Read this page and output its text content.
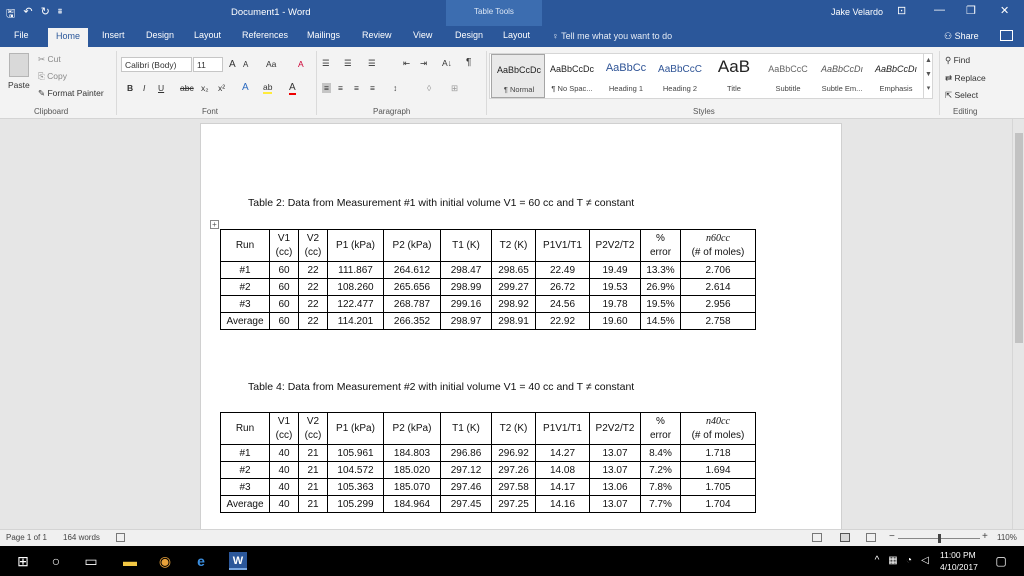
🖫 ↶ ↻ ⩩	Document1 - Word	Table Tools	Jake Velardo ⊡	— ❐ ✕
File	Home	Insert Design Layout References Mailings Review View	Design Layout ♀ Tell me what you want to do	⚇ Share
Paste
✂ Cut
⎘ Copy
✎ Format Painter
Clipboard
Calibri (Body)	11	A A Aa	A
B I U abc x₂ x² A ab A
Font
☰ ☰ ☰	⇤ ⇥ A↓ ¶
≡ ≡ ≡ ≡ ↕	◊ ⊞
Paragraph
AaBbCcDc
¶ Normal
AaBbCcDc
¶ No Spac...
AaBbCc
Heading 1
AaBbCcC
Heading 2
AaB
Title
AaBbCcC
Subtitle
AaBbCcDı
Subtle Em...
AaBbCcDı
Emphasis
▲
▼
▾
Styles
⚲ Find
⇄ Replace
⇱ Select
Editing
Table 2: Data from Measurement #1 with initial volume V1 = 60 cc and T ≠ constant
+
Run	V1
(cc)	V2
(cc)	P1 (kPa)	P2 (kPa)	T1 (K)	T2 (K)	P1V1/T1	P2V2/T2	%
error	n60cc
(# of moles)
#1	60	22	111.867	264.612	298.47	298.65	22.49	19.49	13.3%	2.706
#2	60	22	108.260	265.656	298.99	299.27	26.72	19.53	26.9%	2.614
#3	60	22	122.477	268.787	299.16	298.92	24.56	19.78	19.5%	2.956
Average	60	22	114.201	266.352	298.97	298.91	22.92	19.60	14.5%	2.758
Table 4: Data from Measurement #2 with initial volume V1 = 40 cc and T ≠ constant
Run	V1
(cc)	V2
(cc)	P1 (kPa)	P2 (kPa)	T1 (K)	T2 (K)	P1V1/T1	P2V2/T2	%
error	n40cc
(# of moles)
#1	40	21	105.961	184.803	296.86	296.92	14.27	13.07	8.4%	1.718
#2	40	21	104.572	185.020	297.12	297.26	14.08	13.07	7.2%	1.694
#3	40	21	105.363	185.070	297.46	297.58	14.17	13.06	7.8%	1.705
Average	40	21	105.299	184.964	297.45	297.25	14.16	13.07	7.7%	1.704
Page 1 of 1 164 words	−	+ 110%
⊞	○	▭ ▬ ◉	e	W	^ ▦ ◔ ◁	11:00 PM
4/10/2017 ▢
